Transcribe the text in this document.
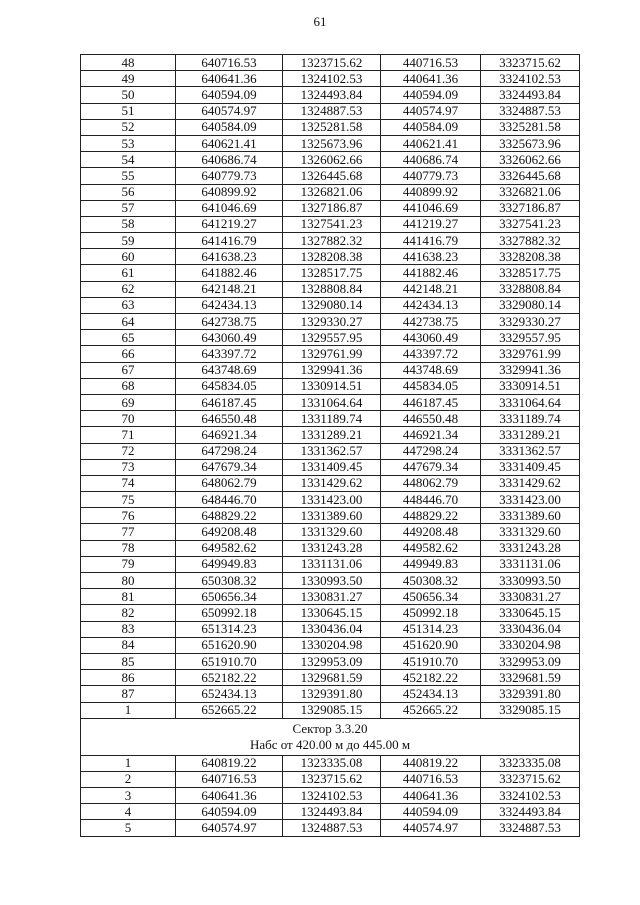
61
48	640716.53	1323715.62	440716.53	3323715.62
49	640641.36	1324102.53	440641.36	3324102.53
50	640594.09	1324493.84	440594.09	3324493.84
51	640574.97	1324887.53	440574.97	3324887.53
52	640584.09	1325281.58	440584.09	3325281.58
53	640621.41	1325673.96	440621.41	3325673.96
54	640686.74	1326062.66	440686.74	3326062.66
55	640779.73	1326445.68	440779.73	3326445.68
56	640899.92	1326821.06	440899.92	3326821.06
57	641046.69	1327186.87	441046.69	3327186.87
58	641219.27	1327541.23	441219.27	3327541.23
59	641416.79	1327882.32	441416.79	3327882.32
60	641638.23	1328208.38	441638.23	3328208.38
61	641882.46	1328517.75	441882.46	3328517.75
62	642148.21	1328808.84	442148.21	3328808.84
63	642434.13	1329080.14	442434.13	3329080.14
64	642738.75	1329330.27	442738.75	3329330.27
65	643060.49	1329557.95	443060.49	3329557.95
66	643397.72	1329761.99	443397.72	3329761.99
67	643748.69	1329941.36	443748.69	3329941.36
68	645834.05	1330914.51	445834.05	3330914.51
69	646187.45	1331064.64	446187.45	3331064.64
70	646550.48	1331189.74	446550.48	3331189.74
71	646921.34	1331289.21	446921.34	3331289.21
72	647298.24	1331362.57	447298.24	3331362.57
73	647679.34	1331409.45	447679.34	3331409.45
74	648062.79	1331429.62	448062.79	3331429.62
75	648446.70	1331423.00	448446.70	3331423.00
76	648829.22	1331389.60	448829.22	3331389.60
77	649208.48	1331329.60	449208.48	3331329.60
78	649582.62	1331243.28	449582.62	3331243.28
79	649949.83	1331131.06	449949.83	3331131.06
80	650308.32	1330993.50	450308.32	3330993.50
81	650656.34	1330831.27	450656.34	3330831.27
82	650992.18	1330645.15	450992.18	3330645.15
83	651314.23	1330436.04	451314.23	3330436.04
84	651620.90	1330204.98	451620.90	3330204.98
85	651910.70	1329953.09	451910.70	3329953.09
86	652182.22	1329681.59	452182.22	3329681.59
87	652434.13	1329391.80	452434.13	3329391.80
1	652665.22	1329085.15	452665.22	3329085.15

Сектор 3.3.20
Набс от 420.00 м до 445.00 м				

1	640819.22	1323335.08	440819.22	3323335.08
2	640716.53	1323715.62	440716.53	3323715.62
3	640641.36	1324102.53	440641.36	3324102.53
4	640594.09	1324493.84	440594.09	3324493.84
5	640574.97	1324887.53	440574.97	3324887.53
